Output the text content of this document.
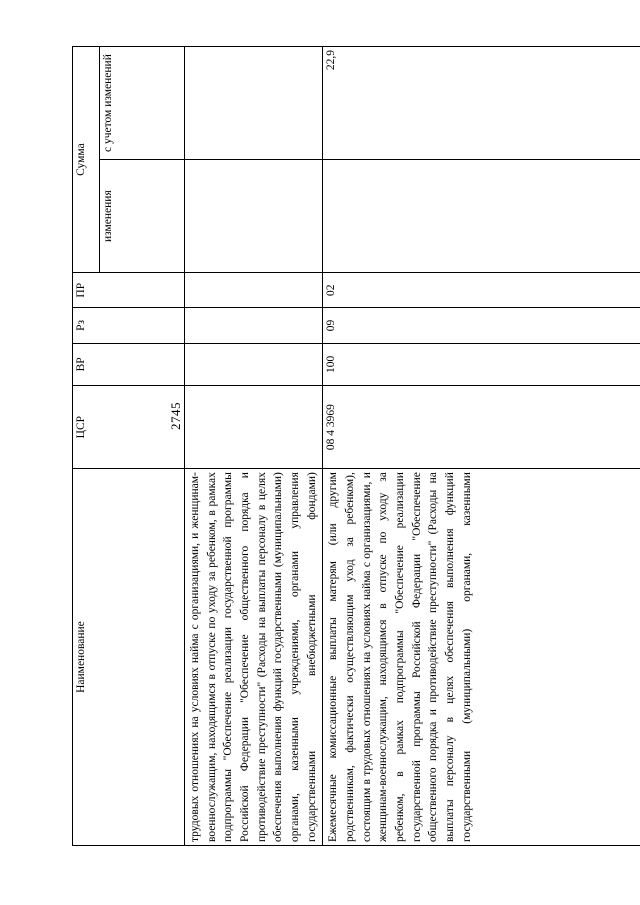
2745
Наименование	ЦСР	ВР	Рз	ПР	Сумма	
					изменения	с учетом изменений
трудовых отношениях на условиях найма с организациями, и женщинам-военнослужащим, находящимся в отпуске по уходу за ребенком, в рамках подпрограммы "Обеспечение реализации государственной программы Российской Федерации "Обеспечение общественного порядка и противодействие преступности" (Расходы на выплаты персоналу в целях обеспечения выполнения функций государственными (муниципальными) органами, казенными учреждениями, органами управления государственными внебюджетными фондами)						
Ежемесячные комиссационные выплаты матерям (или другим родственникам, фактически осуществляющим уход за ребенком), состоящим в трудовых отношениях на условиях найма с организациями, и женщинам-военнослужащим, находящимся в отпуске по уходу за ребенком, в рамках подпрограммы "Обеспечение реализации государственной программы Российской Федерации "Обеспечение общественного порядка и противодействие преступности" (Расходы на выплаты персоналу в целях обеспечения выполнения функций государственными (муниципальными) органами, казенными	08 4 3969	100	09	02		22,9
